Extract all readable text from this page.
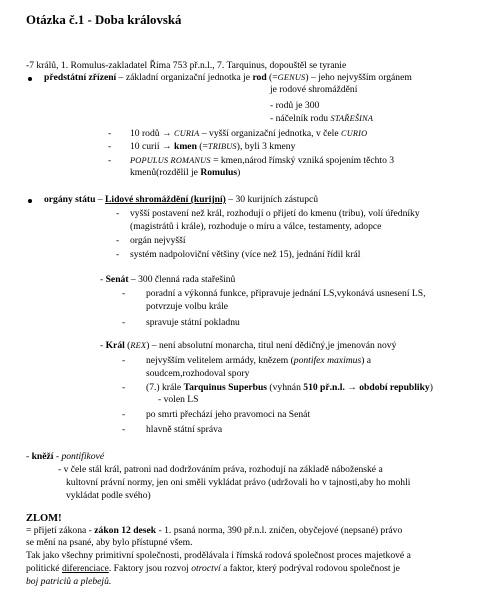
Otázka č.1 - Doba královská
-7 králů, 1. Romulus-zakladatel Říma 753 př.n.l., 7. Tarquinus, dopouštěl se tyranie
předstátní zřízení – základní organizační jednotka je rod (=GENUS) – jeho nejvyšším orgánem
je rodové shromáždění
- rodů je 300
- náčelník rodu STAŘEŠINA
- 10 rodů → CURIA – vyšší organizační jednotka, v čele CURIO
- 10 curií → kmen (=TRIBUS), byli 3 kmeny
- POPULUS ROMANUS = kmen,národ římský vzniká spojením těchto 3
kmenů(rozdělil je Romulus)
orgány státu – Lidové shromáždění (kurijní) – 30 kurijních zástupců
- vyšší postavení než král, rozhodují o přijetí do kmenu (tribu), volí úředníky
(magistrátů i krále), rozhoduje o míru a válce, testamenty, adopce
- orgán nejvyšší
- systém nadpoloviční většiny (více než 15), jednání řídil král
- Senát – 300 členná rada stařešinů
- poradní a výkonná funkce, připravuje jednání LS,vykonává usnesení LS,
potvrzuje volbu krále
- spravuje státní pokladnu
- Král (REX) – není absolutní monarcha, titul není dědičný,je jmenován nový
- nejvyšším velitelem armády, knězem (pontifex maximus) a
soudcem,rozhodoval spory
- (7.) krále Tarquinus Superbus (vyhnán 510 př.n.l. → období republiky)
- volen LS
- po smrti přechází jeho pravomoci na Senát
- hlavně státní správa
- kněží - pontifikové
- v čele stál král, patroni nad dodržováním práva, rozhodují na základě náboženské a
kultovní právní normy, jen oni směli vykládat právo (udržovali ho v tajnosti,aby ho mohli
vykládat podle svého)
ZLOM!
= přijetí zákona - zákon 12 desek - 1. psaná norma, 390 př.n.l. zničen, obyčejové (nepsané) právo
se mění na psané, aby bylo přístupné všem.
Tak jako všechny primitivní společnosti, prodělávala i římská rodová společnost proces majetkové a
politické diferenciace. Faktory jsou rozvoj otroctví a faktor, který podrýval rodovou společnost je
boj patriciů a plebejů.
